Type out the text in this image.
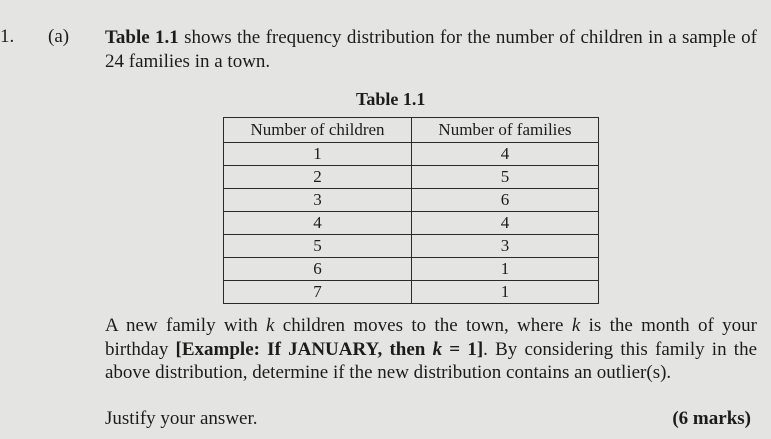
1. (a) Table 1.1 shows the frequency distribution for the number of children in a sample of 24 families in a town.
Table 1.1
Number of children	Number of families
1	4
2	5
3	6
4	4
5	3
6	1
7	1
A new family with k children moves to the town, where k is the month of your birthday [Example: If JANUARY, then k = 1]. By considering this family in the above distribution, determine if the new distribution contains an outlier(s).
Justify your answer.	(6 marks)
